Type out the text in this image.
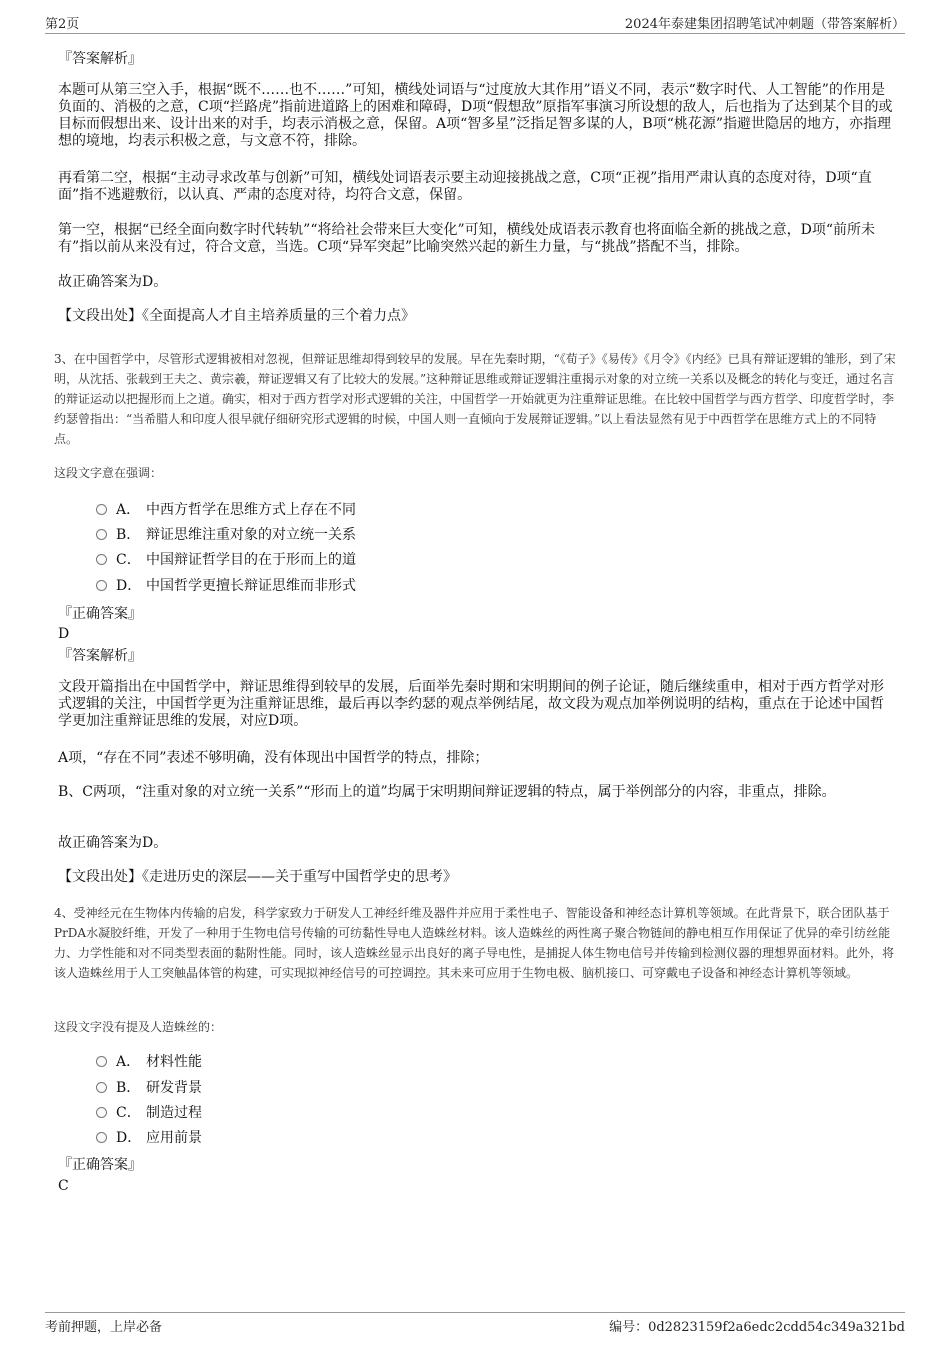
第2页	2024年泰建集团招聘笔试冲刺题（带答案解析）
『答案解析』

本题可从第三空入手，根据“既不……也不……”可知，横线处词语与“过度放大其作用”语义不同，表示“数字时代、人工智能”的作用是负面的、消极的之意，C项“拦路虎”指前进道路上的困难和障碍，D项“假想敌”原指军事演习所设想的敌人，后也指为了达到某个目的或目标而假想出来、设计出来的对手，均表示消极之意，保留。A项“智多星”泛指足智多谋的人，B项“桃花源”指避世隐居的地方，亦指理想的境地，均表示积极之意，与文意不符，排除。

再看第二空，根据“主动寻求改革与创新”可知，横线处词语表示要主动迎接挑战之意，C项“正视”指用严肃认真的态度对待，D项“直面”指不逃避敷衍，以认真、严肃的态度对待，均符合文意，保留。

第一空，根据“已经全面向数字时代转轨”“将给社会带来巨大变化”可知，横线处成语表示教育也将面临全新的挑战之意，D项“前所未有”指以前从来没有过，符合文意，当选。C项“异军突起”比喻突然兴起的新生力量，与“挑战”搭配不当，排除。

故正确答案为D。

【文段出处】《全面提高人才自主培养质量的三个着力点》

3、在中国哲学中，尽管形式逻辑被相对忽视，但辩证思维却得到较早的发展。早在先秦时期，“《荀子》《易传》《月令》《内经》已具有辩证逻辑的雏形，到了宋明，从沈括、张载到王夫之、黄宗羲，辩证逻辑又有了比较大的发展。”这种辩证思维或辩证逻辑注重揭示对象的对立统一关系以及概念的转化与变迁，通过名言的辩证运动以把握形而上之道。确实，相对于西方哲学对形式逻辑的关注，中国哲学一开始就更为注重辩证思维。在比较中国哲学与西方哲学、印度哲学时，李约瑟曾指出：“当希腊人和印度人很早就仔细研究形式逻辑的时候，中国人则一直倾向于发展辩证逻辑。”以上看法显然有见于中西哲学在思维方式上的不同特点。

这段文字意在强调：

A． 中西方哲学在思维方式上存在不同
B． 辩证思维注重对象的对立统一关系
C． 中国辩证哲学目的在于形而上的道
D． 中国哲学更擅长辩证思维而非形式
『正确答案』
D
『答案解析』

文段开篇指出在中国哲学中，辩证思维得到较早的发展，后面举先秦时期和宋明期间的例子论证，随后继续重申，相对于西方哲学对形式逻辑的关注，中国哲学更为注重辩证思维，最后再以李约瑟的观点举例结尾，故文段为观点加举例说明的结构，重点在于论述中国哲学更加注重辩证思维的发展，对应D项。

A项，“存在不同”表述不够明确，没有体现出中国哲学的特点，排除；

B、C两项，“注重对象的对立统一关系”“形而上的道”均属于宋明期间辩证逻辑的特点，属于举例部分的内容，非重点，排除。

故正确答案为D。

【文段出处】《走进历史的深层——关于重写中国哲学史的思考》

4、受神经元在生物体内传输的启发，科学家致力于研发人工神经纤维及器件并应用于柔性电子、智能设备和神经态计算机等领域。在此背景下，联合团队基于PrDA水凝胶纤维，开发了一种用于生物电信号传输的可纺黏性导电人造蛛丝材料。该人造蛛丝的两性离子聚合物链间的静电相互作用保证了优异的牵引纺丝能力、力学性能和对不同类型表面的黏附性能。同时，该人造蛛丝显示出良好的离子导电性，是捕捉人体生物电信号并传输到检测仪器的理想界面材料。此外，将该人造蛛丝用于人工突触晶体管的构建，可实现拟神经信号的可控调控。其未来可应用于生物电极、脑机接口、可穿戴电子设备和神经态计算机等领域。

这段文字没有提及人造蛛丝的：

A． 材料性能
B． 研发背景
C． 制造过程
D． 应用前景
『正确答案』
C
考前押题，上岸必备	编号：0d2823159f2a6edc2cdd54c349a321bd
